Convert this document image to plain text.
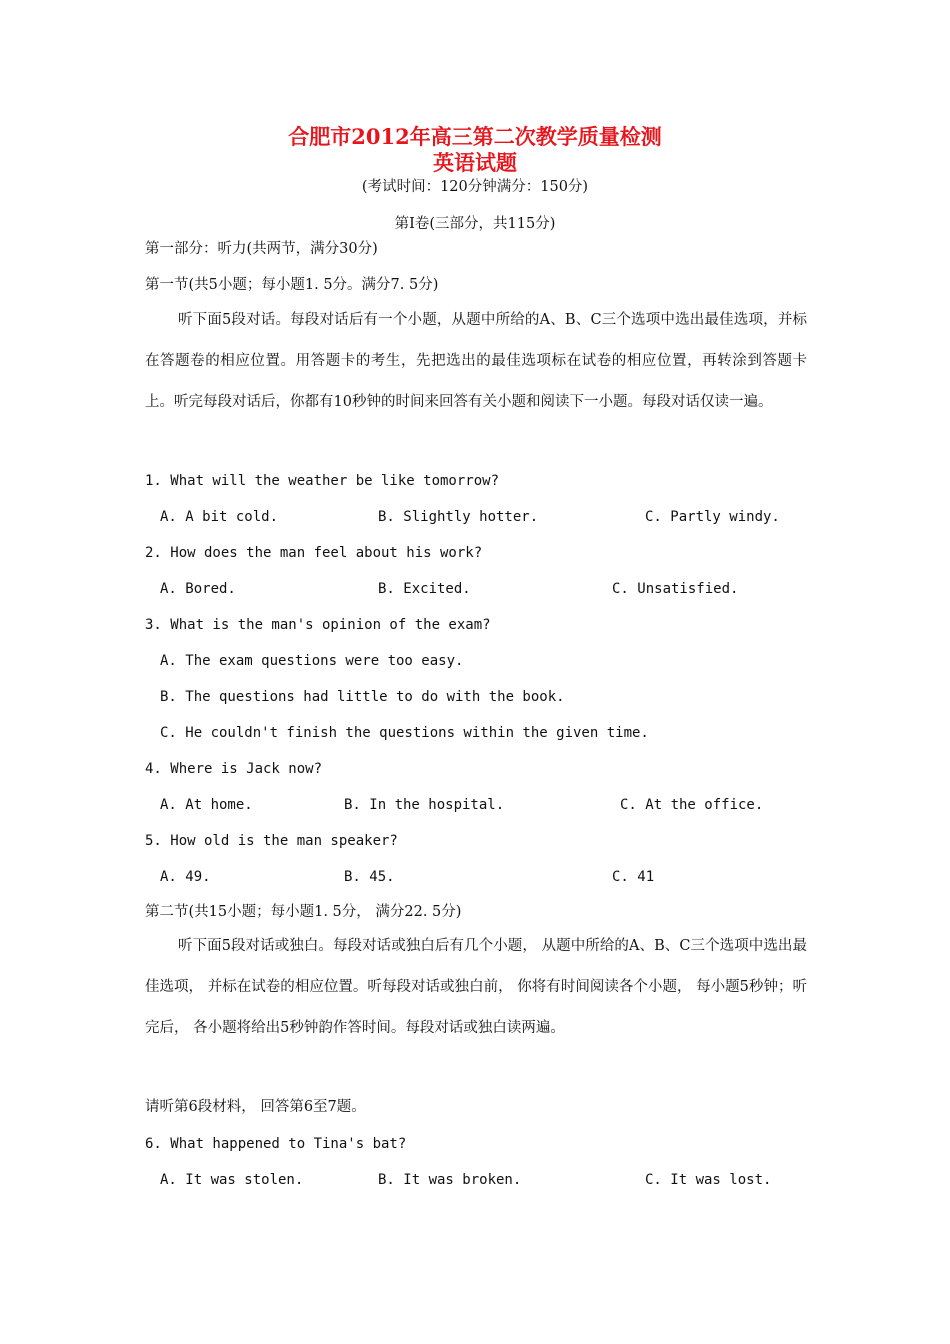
合肥市2012年高三第二次教学质量检测
英语试题
(考试时间：120分钟满分：150分)
第Ⅰ卷(三部分，共115分)
第一部分：听力(共两节，满分30分)
第一节(共5小题；每小题1. 5分。满分7. 5分)
听下面5段对话。每段对话后有一个小题，从题中所给的A、B、C三个选项中选出最佳选项，并标在答题卷的相应位置。用答题卡的考生，先把选出的最佳选项标在试卷的相应位置，再转涂到答题卡上。听完每段对话后，你都有10秒钟的时间来回答有关小题和阅读下一小题。每段对话仅读一遍。
1. What will the weather be like tomorrow?
A. A bit cold.	B. Slightly hotter.	C. Partly windy.
2. How does the man feel about his work?
A. Bored.	B. Excited.	C. Unsatisfied.
3. What is the man's opinion of the exam?
A. The exam questions were too easy.
B. The questions had little to do with the book.
C. He couldn't finish the questions within the given time.
4. Where is Jack now?
A. At home.	B. In the hospital.	C. At the office.
5. How old is the man speaker?
A. 49.	B. 45.	C. 41
第二节(共15小题；每小题1. 5分， 满分22. 5分)
听下面5段对话或独白。每段对话或独白后有几个小题， 从题中所给的A、B、C三个选项中选出最佳选项， 并标在试卷的相应位置。听每段对话或独白前， 你将有时间阅读各个小题， 每小题5秒钟；听完后， 各小题将给出5秒钟韵作答时间。每段对话或独白读两遍。
请听第6段材料， 回答第6至7题。
6. What happened to Tina's bat?
A. It was stolen.	B. It was broken.	C. It was lost.
